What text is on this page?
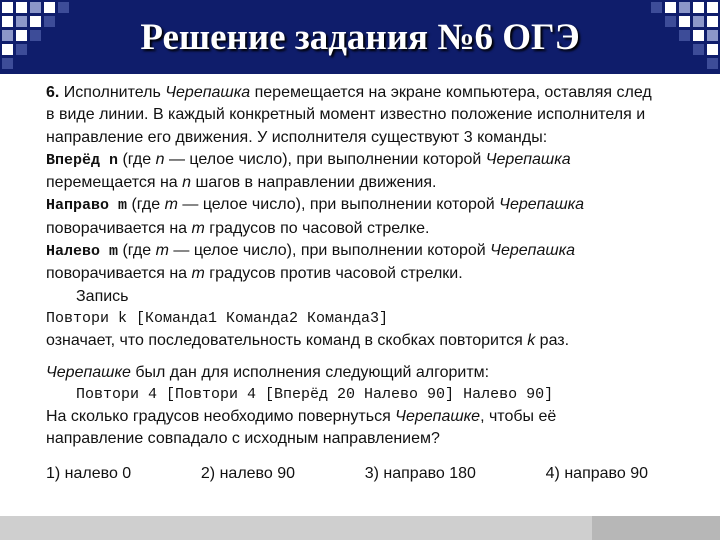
Решение задания №6 ОГЭ

6. Исполнитель Черепашка перемещается на экране компьютера, оставляя след в виде линии. В каждый конкретный момент известно положение исполнителя и направление его движения. У исполнителя существуют 3 команды:

Вперёд n (где n — целое число), при выполнении которой Черепашка перемещается на n шагов в направлении движения.

Направо m (где m — целое число), при выполнении которой Черепашка поворачивается на m градусов по часовой стрелке.

Налево m (где m — целое число), при выполнении которой Черепашка поворачивается на m градусов против часовой стрелки.

Запись

Повтори k [Команда1 Команда2 Команда3]

означает, что последовательность команд в скобках повторится k раз.

Черепашке был дан для исполнения следующий алгоритм:

Повтори 4 [Повтори 4 [Вперёд 20 Налево 90] Налево 90]

На сколько градусов необходимо повернуться Черепашке, чтобы её направление совпадало с исходным направлением?

1) налево 0	2) налево 90	3) направо 180	4) направо 90
